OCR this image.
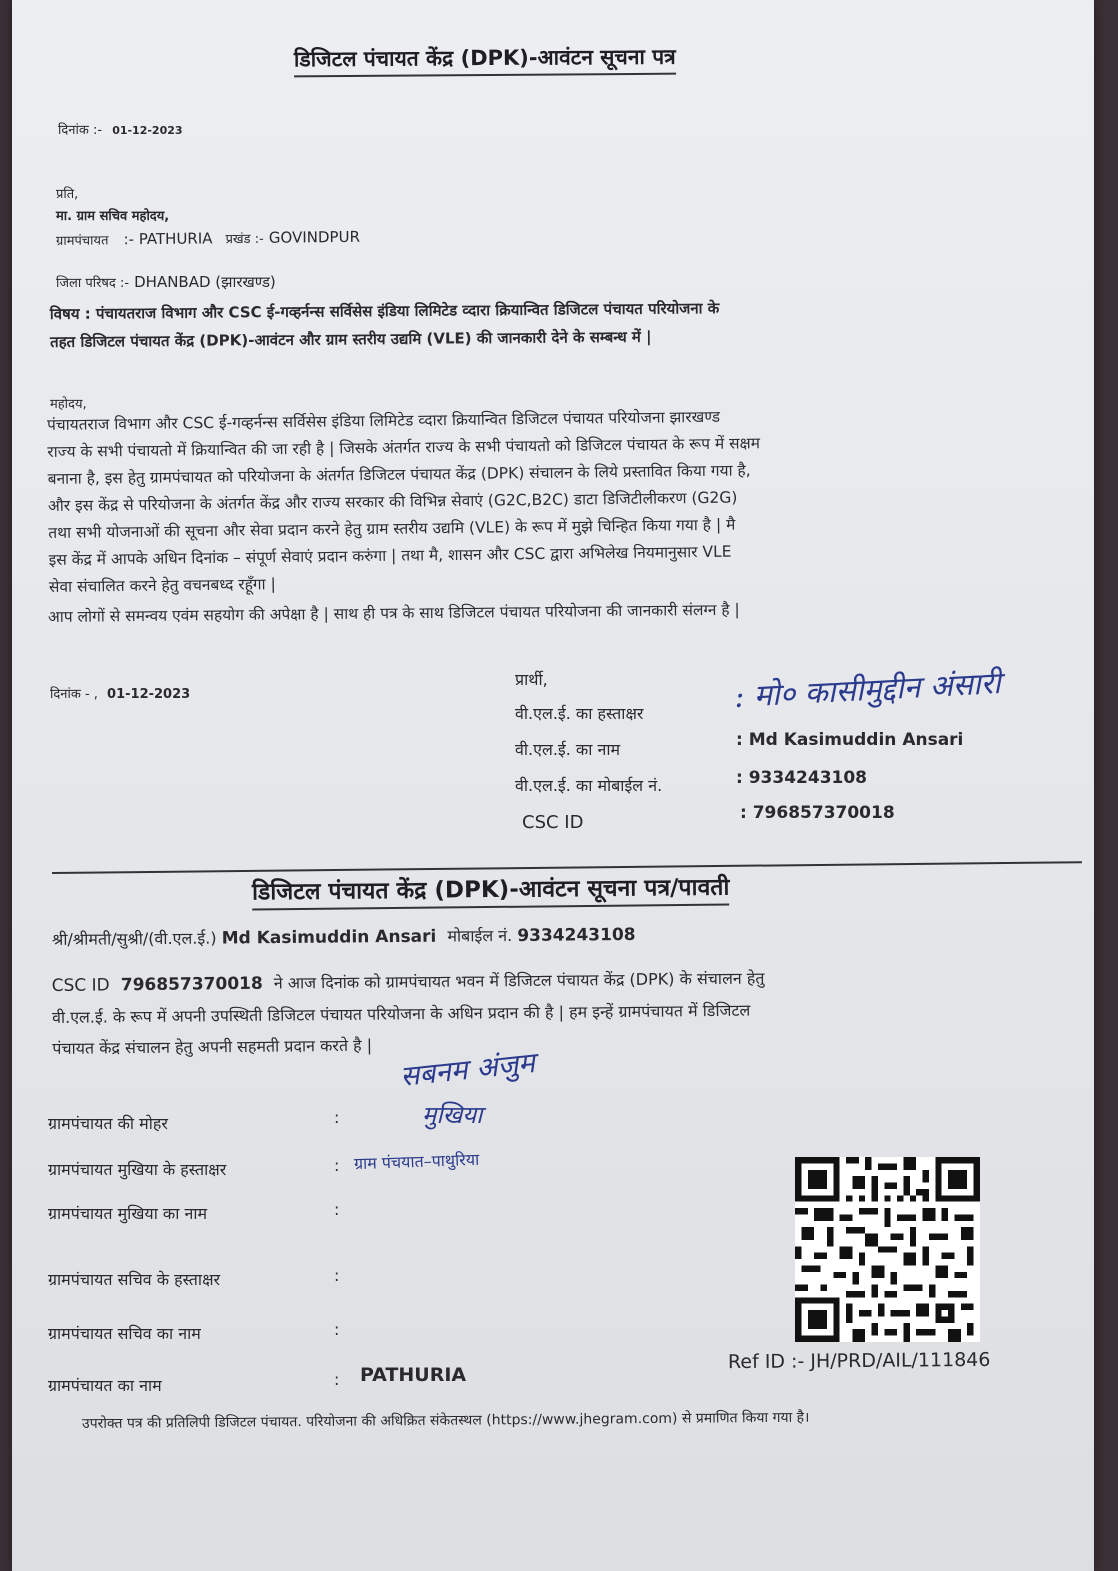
डिजिटल पंचायत केंद्र (DPK)-आवंटन सूचना पत्र
दिनांक :- 01-12-2023
प्रति,
मा. ग्राम सचिव महोदय,
ग्रामपंचायत :- PATHURIA प्रखंड :- GOVINDPUR
जिला परिषद :- DHANBAD (झारखण्ड)
विषय : पंचायतराज विभाग और CSC ई-गव्हर्नन्स सर्विसेस इंडिया लिमिटेड व्दारा क्रियान्वित डिजिटल पंचायत परियोजना के
तहत डिजिटल पंचायत केंद्र (DPK)-आवंटन और ग्राम स्तरीय उद्यमि (VLE) की जानकारी देने के सम्बन्ध में |
महोदय,
पंचायतराज विभाग और CSC ई-गव्हर्नन्स सर्विसेस इंडिया लिमिटेड व्दारा क्रियान्वित डिजिटल पंचायत परियोजना झारखण्ड
राज्य के सभी पंचायतो में क्रियान्वित की जा रही है | जिसके अंतर्गत राज्य के सभी पंचायतो को डिजिटल पंचायत के रूप में सक्षम
बनाना है, इस हेतु ग्रामपंचायत को परियोजना के अंतर्गत डिजिटल पंचायत केंद्र (DPK) संचालन के लिये प्रस्तावित किया गया है,
और इस केंद्र से परियोजना के अंतर्गत केंद्र और राज्य सरकार की विभिन्न सेवाएं (G2C,B2C) डाटा डिजिटीलीकरण (G2G)
तथा सभी योजनाओं की सूचना और सेवा प्रदान करने हेतु ग्राम स्तरीय उद्यमि (VLE) के रूप में मुझे चिन्हित किया गया है | मै
इस केंद्र में आपके अधिन दिनांक – संपूर्ण सेवाएं प्रदान करुंगा | तथा मै, शासन और CSC द्वारा अभिलेख नियमानुसार VLE
सेवा संचालित करने हेतु वचनबध्द रहूँगा |
आप लोगों से समन्वय एवंम सहयोग की अपेक्षा है | साथ ही पत्र के साथ डिजिटल पंचायत परियोजना की जानकारी संलग्न है |
दिनांक - , 01-12-2023
प्रार्थी,
वी.एल.ई. का हस्ताक्षर	: मो० कासीमुद्दीन अंसारी
वी.एल.ई. का नाम	: Md Kasimuddin Ansari
वी.एल.ई. का मोबाईल नं.	: 9334243108
CSC ID	: 796857370018
डिजिटल पंचायत केंद्र (DPK)-आवंटन सूचना पत्र/पावती
श्री/श्रीमती/सुश्री/(वी.एल.ई.) Md Kasimuddin Ansari मोबाईल नं. 9334243108
CSC ID 796857370018 ने आज दिनांक को ग्रामपंचायत भवन में डिजिटल पंचायत केंद्र (DPK) के संचालन हेतु
वी.एल.ई. के रूप में अपनी उपस्थिती डिजिटल पंचायत परियोजना के अधिन प्रदान की है | हम इन्हें ग्रामपंचायत में डिजिटल
पंचायत केंद्र संचालन हेतु अपनी सहमती प्रदान करते है | सबनम अंजुम
मुखिया
ग्राम पंचयात–पाथुरिया
ग्रामपंचायत की मोहर	:
ग्रामपंचायत मुखिया के हस्ताक्षर	:
ग्रामपंचायत मुखिया का नाम	:
ग्रामपंचायत सचिव के हस्ताक्षर	:
ग्रामपंचायत सचिव का नाम	:
ग्रामपंचायत का नाम	: PATHURIA
Ref ID :- JH/PRD/AIL/111846
उपरोक्त पत्र की प्रतिलिपी डिजिटल पंचायत. परियोजना की अधिक्रित संकेतस्थल (https://www.jhegram.com) से प्रमाणित किया गया है।
